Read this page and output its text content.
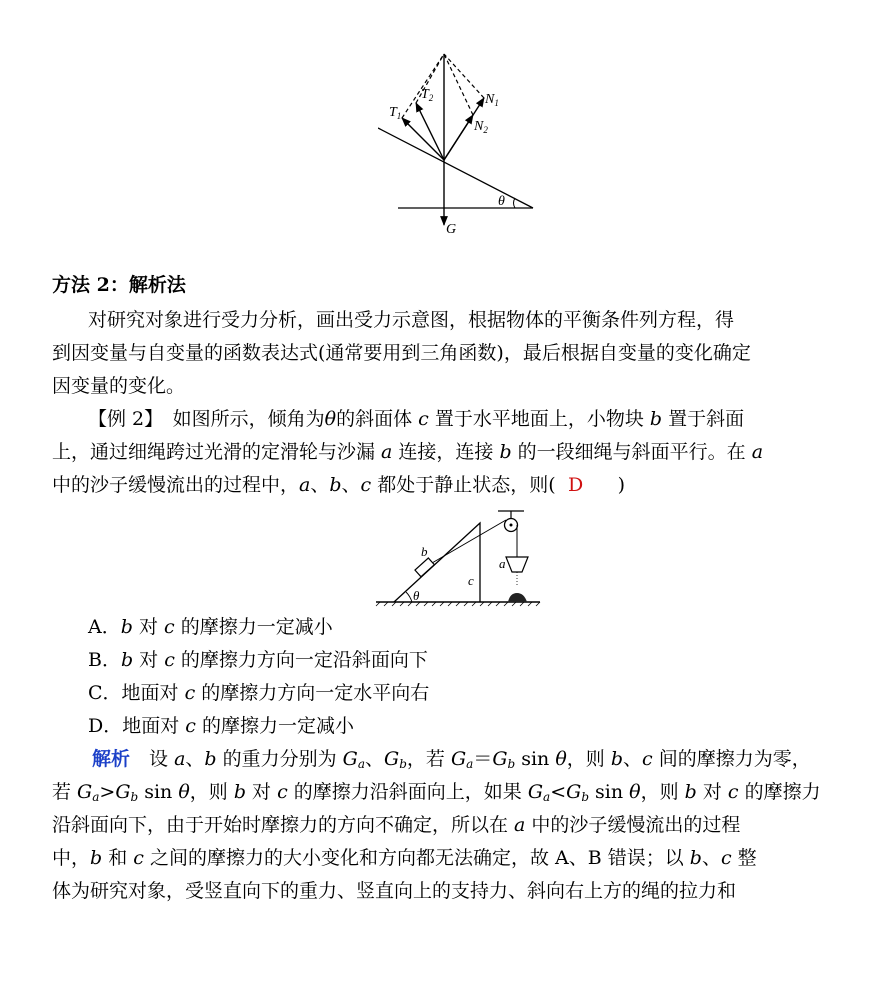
$T_1$
$T_2$	$N_1$
$N_2$
G
θ
方法 2：解析法
对研究对象进行受力分析，画出受力示意图，根据物体的平衡条件列方程，得
到因变量与自变量的函数表达式(通常要用到三角函数)，最后根据自变量的变化确定
因变量的变化。
【例 2】　如图所示，倾角为θ的斜面体 c 置于水平地面上，小物块 b 置于斜面
上，通过细绳跨过光滑的定滑轮与沙漏 a 连接，连接 b 的一段细绳与斜面平行。在 a
中的沙子缓慢流出的过程中，a、b、c 都处于静止状态，则( D )
b
c
a
θ
A．b 对 c 的摩擦力一定减小
B．b 对 c 的摩擦力方向一定沿斜面向下
C．地面对 c 的摩擦力方向一定水平向右
D．地面对 c 的摩擦力一定减小
解析　设 a、b 的重力分别为 $G_a$、$G_b$，若 $G_a=G_b$ sin θ，则 b、c 间的摩擦力为零，
若 $G_a>G_b$ sin θ，则 b 对 c 的摩擦力沿斜面向上，如果 $G_a<G_b$ sin θ，则 b 对 c 的摩擦力
沿斜面向下，由于开始时摩擦力的方向不确定，所以在 a 中的沙子缓慢流出的过程
中，b 和 c 之间的摩擦力的大小变化和方向都无法确定，故 A、B 错误；以 b、c 整
体为研究对象，受竖直向下的重力、竖直向上的支持力、斜向右上方的绳的拉力和
